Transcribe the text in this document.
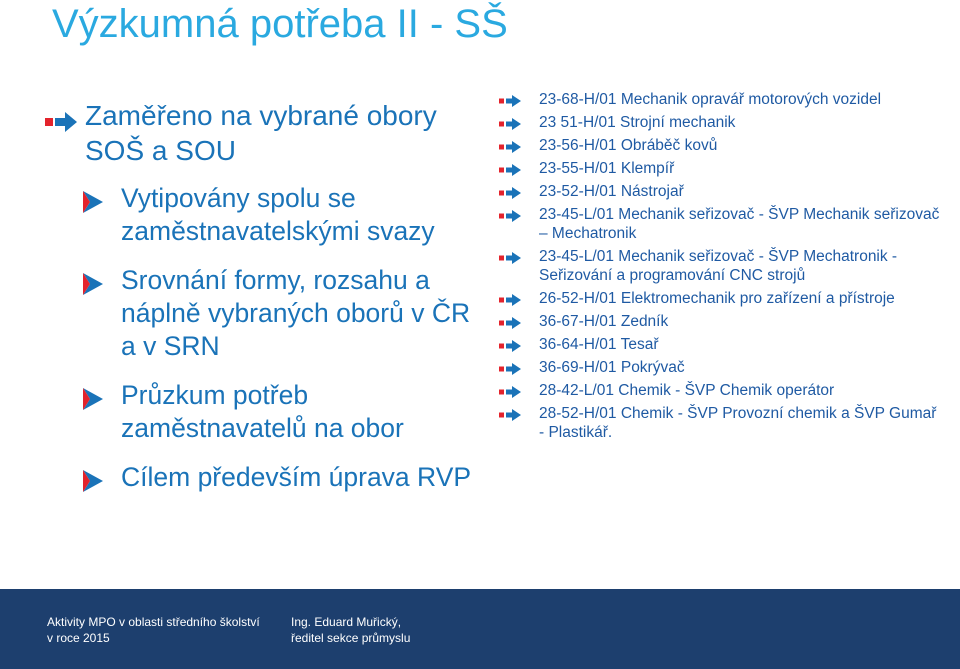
Výzkumná potřeba II - SŠ
Zaměřeno na vybrané obory SOŠ a SOU
Vytipovány spolu se zaměstnavatelskými svazy
Srovnání formy, rozsahu a náplně vybraných oborů v ČR a v SRN
Průzkum potřeb zaměstnavatelů na obor
Cílem především úprava RVP
23-68-H/01 Mechanik opravář motorových vozidel
23 51-H/01 Strojní mechanik
23-56-H/01 Obráběč kovů
23-55-H/01 Klempíř
23-52-H/01 Nástrojař
23-45-L/01 Mechanik seřizovač - ŠVP Mechanik seřizovač – Mechatronik
23-45-L/01 Mechanik seřizovač - ŠVP Mechatronik - Seřizování a programování CNC strojů
26-52-H/01 Elektromechanik pro zařízení a přístroje
36-67-H/01 Zedník
36-64-H/01 Tesař
36-69-H/01 Pokrývač
28-42-L/01 Chemik - ŠVP Chemik operátor
28-52-H/01 Chemik - ŠVP Provozní chemik a ŠVP Gumař - Plastikář.
Aktivity MPO v oblasti středního školství
v roce 2015
Ing. Eduard Muřický,
ředitel sekce průmyslu
